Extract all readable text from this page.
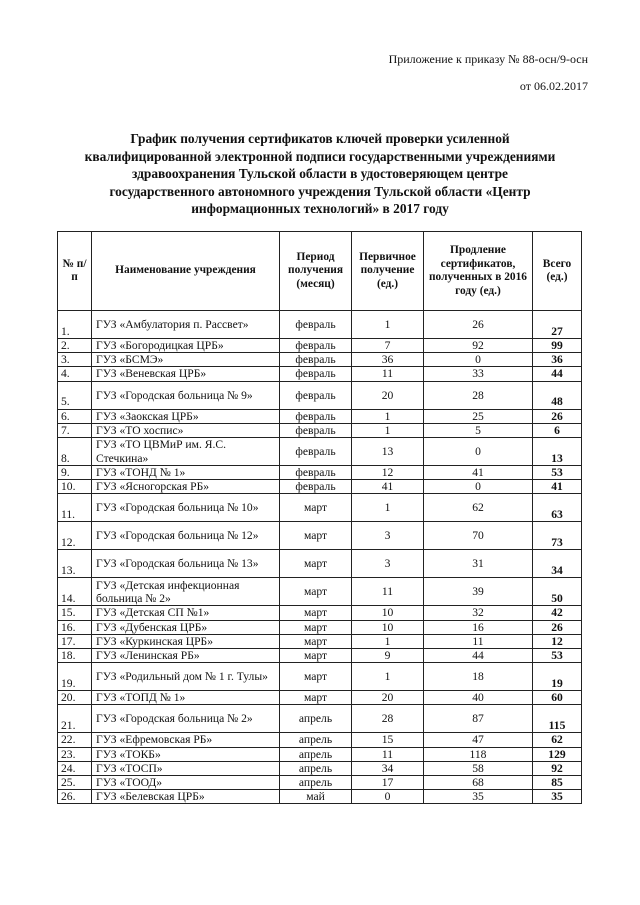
Приложение к приказу № 88-осн/9-осн
от 06.02.2017
График получения сертификатов ключей проверки усиленной квалифицированной электронной подписи государственными учреждениями здравоохранения Тульской области в удостоверяющем центре государственного автономного учреждения Тульской области «Центр информационных технологий» в 2017 году
№ п/п	Наименование учреждения	Период получения (месяц)	Первичное получение (ед.)	Продление сертификатов, полученных в 2016 году (ед.)	Всего (ед.)
1.	ГУЗ «Амбулатория п. Рассвет»	февраль	1	26	27
2.	ГУЗ «Богородицкая ЦРБ»	февраль	7	92	99
3.	ГУЗ «БСМЭ»	февраль	36	0	36
4.	ГУЗ «Веневская ЦРБ»	февраль	11	33	44
5.	ГУЗ «Городская больница № 9»	февраль	20	28	48
6.	ГУЗ «Заокская ЦРБ»	февраль	1	25	26
7.	ГУЗ «ТО хоспис»	февраль	1	5	6
8.	ГУЗ «ТО ЦВМиР им. Я.С. Стечкина»	февраль	13	0	13
9.	ГУЗ «ТОНД № 1»	февраль	12	41	53
10.	ГУЗ «Ясногорская РБ»	февраль	41	0	41
11.	ГУЗ «Городская больница № 10»	март	1	62	63
12.	ГУЗ «Городская больница № 12»	март	3	70	73
13.	ГУЗ «Городская больница № 13»	март	3	31	34
14.	ГУЗ «Детская инфекционная больница № 2»	март	11	39	50
15.	ГУЗ «Детская СП №1»	март	10	32	42
16.	ГУЗ «Дубенская ЦРБ»	март	10	16	26
17.	ГУЗ «Куркинская ЦРБ»	март	1	11	12
18.	ГУЗ «Ленинская РБ»	март	9	44	53
19.	ГУЗ «Родильный дом № 1 г. Тулы»	март	1	18	19
20.	ГУЗ «ТОПД № 1»	март	20	40	60
21.	ГУЗ «Городская больница № 2»	апрель	28	87	115
22.	ГУЗ «Ефремовская РБ»	апрель	15	47	62
23.	ГУЗ «ТОКБ»	апрель	11	118	129
24.	ГУЗ «ТОСП»	апрель	34	58	92
25.	ГУЗ «ТООД»	апрель	17	68	85
26.	ГУЗ «Белевская ЦРБ»	май	0	35	35
